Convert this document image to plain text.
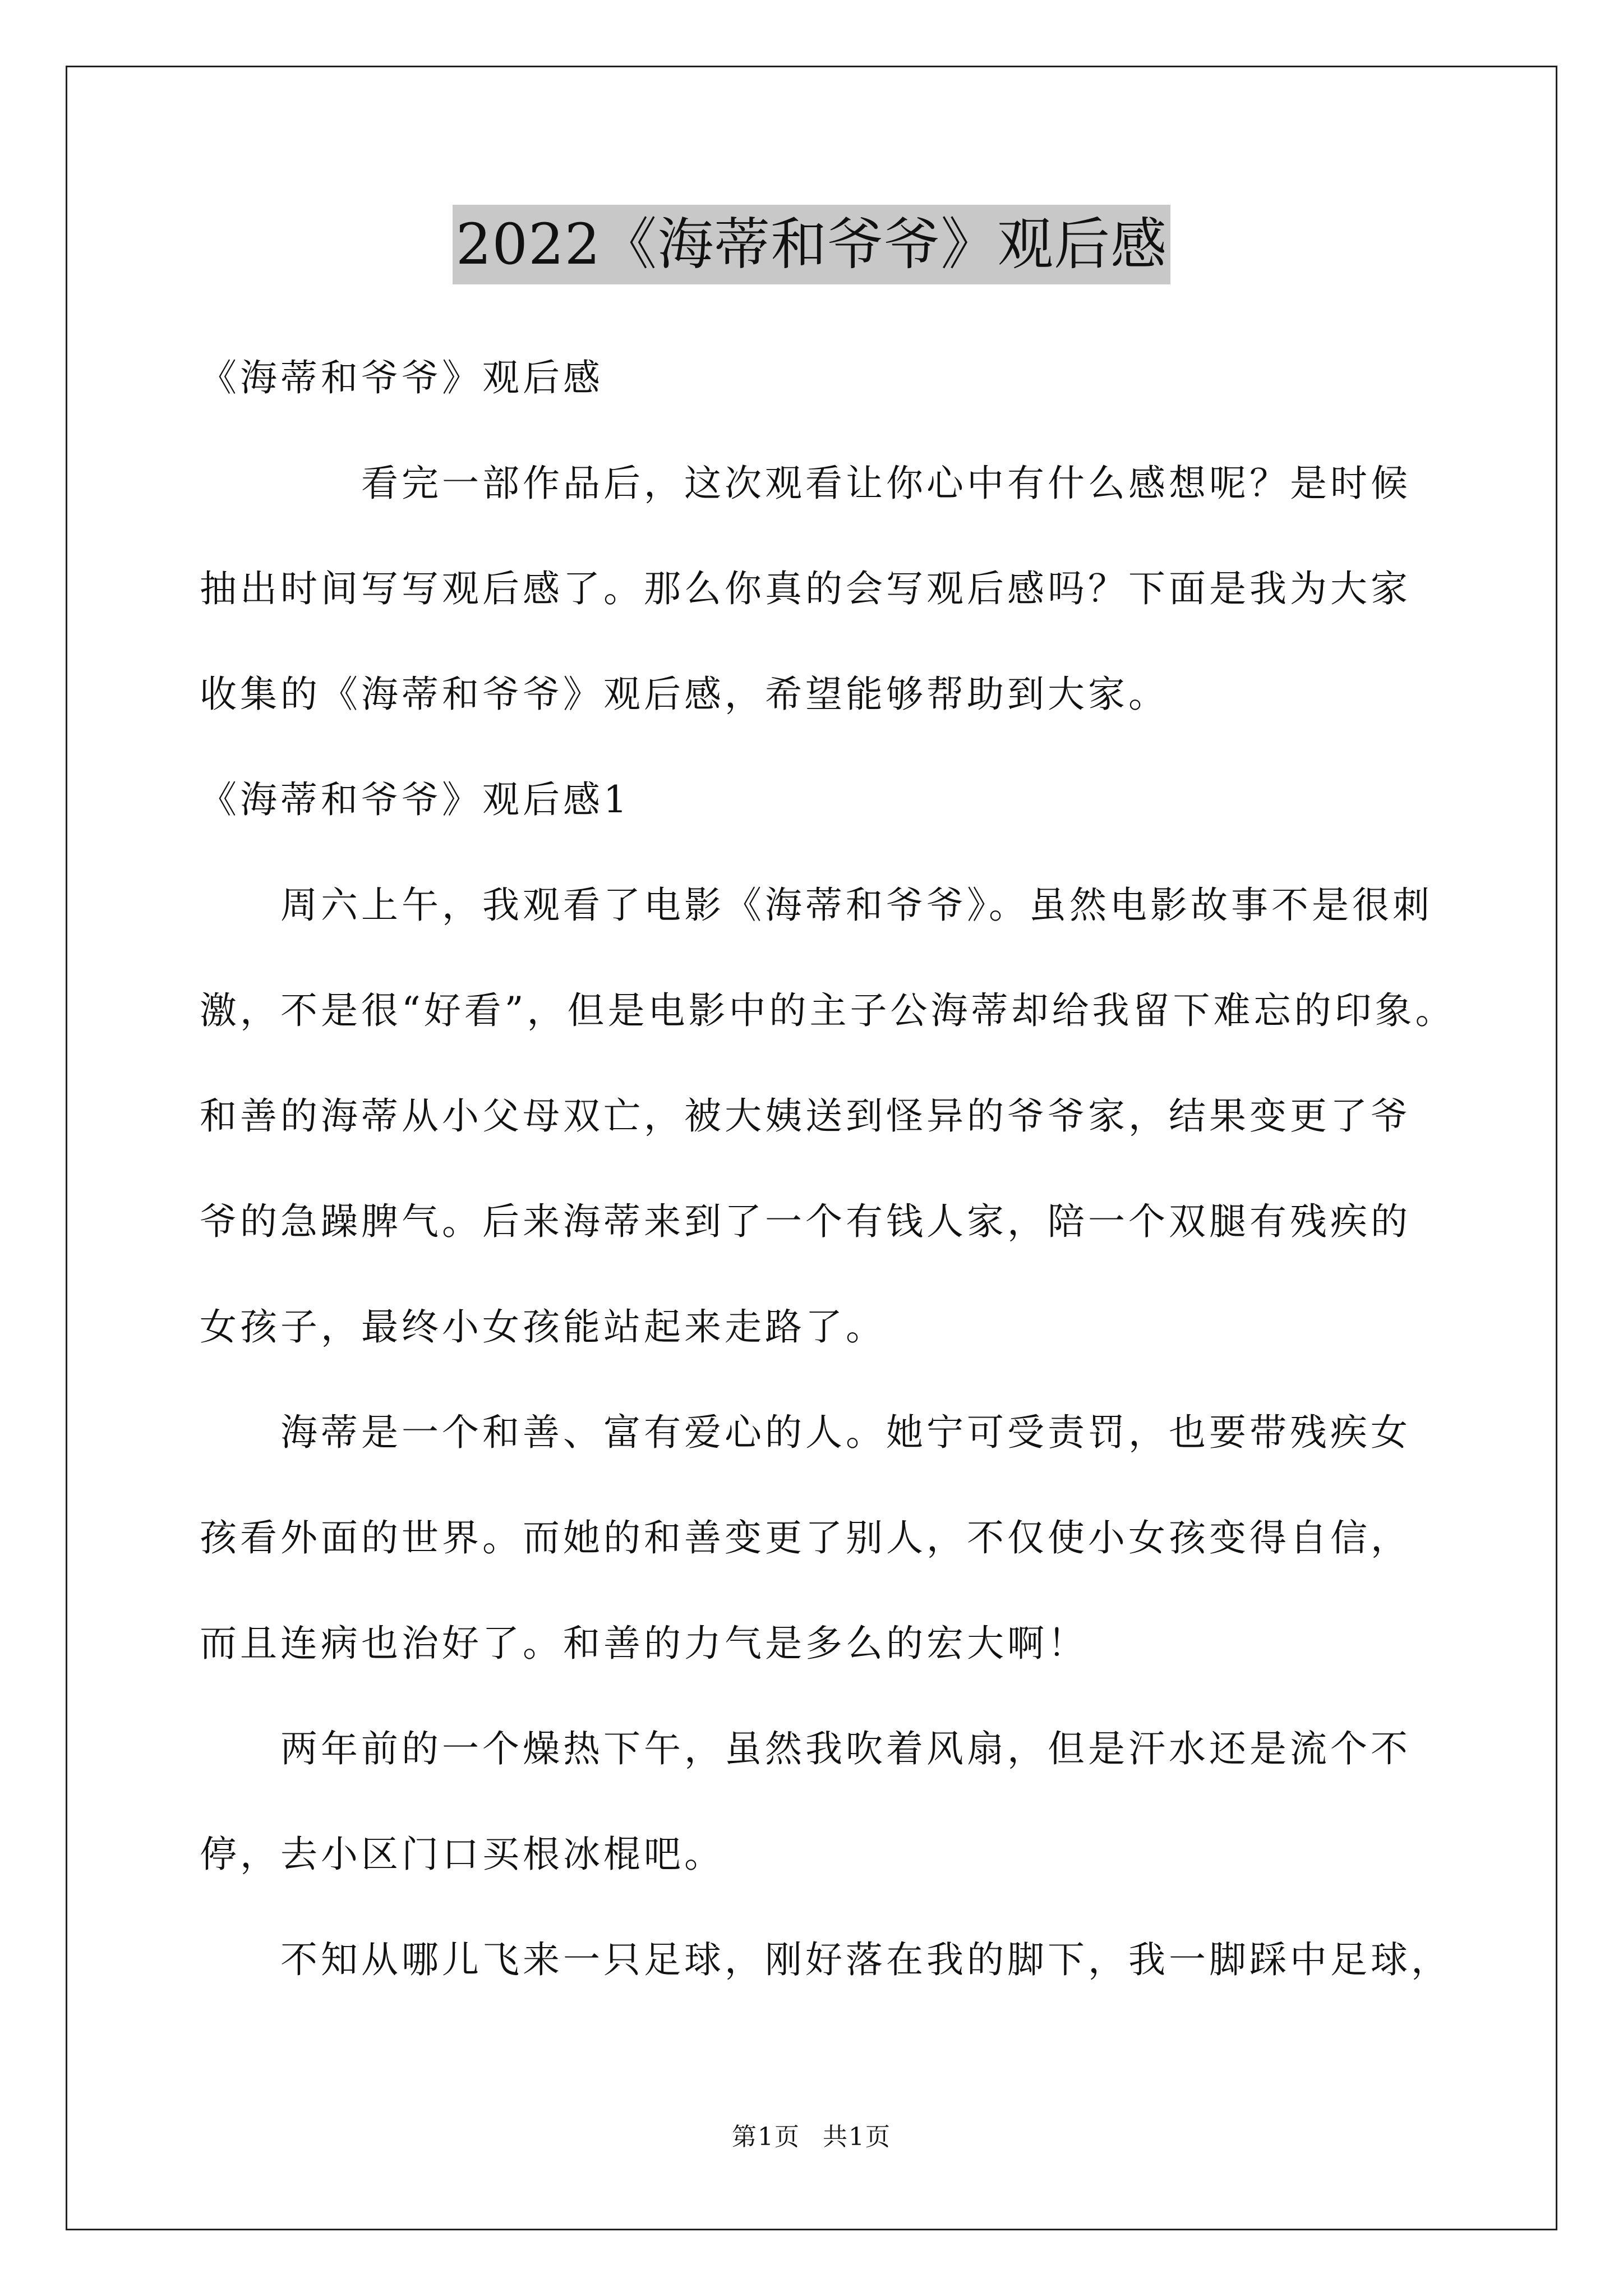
2022《海蒂和爷爷》观后感
《海蒂和爷爷》观后感
看完一部作品后，这次观看让你心中有什么感想呢？是时候
抽出时间写写观后感了。那么你真的会写观后感吗？下面是我为大家
收集的《海蒂和爷爷》观后感，希望能够帮助到大家。
《海蒂和爷爷》观后感1
周六上午，我观看了电影《海蒂和爷爷》。虽然电影故事不是很刺
激，不是很“好看”，但是电影中的主子公海蒂却给我留下难忘的印象。
和善的海蒂从小父母双亡，被大姨送到怪异的爷爷家，结果变更了爷
爷的急躁脾气。后来海蒂来到了一个有钱人家，陪一个双腿有残疾的
女孩子，最终小女孩能站起来走路了。
海蒂是一个和善、富有爱心的人。她宁可受责罚，也要带残疾女
孩看外面的世界。而她的和善变更了别人，不仅使小女孩变得自信，
而且连病也治好了。和善的力气是多么的宏大啊！
两年前的一个燥热下午，虽然我吹着风扇，但是汗水还是流个不
停，去小区门口买根冰棍吧。
不知从哪儿飞来一只足球，刚好落在我的脚下，我一脚踩中足球，
第1页 共1页
